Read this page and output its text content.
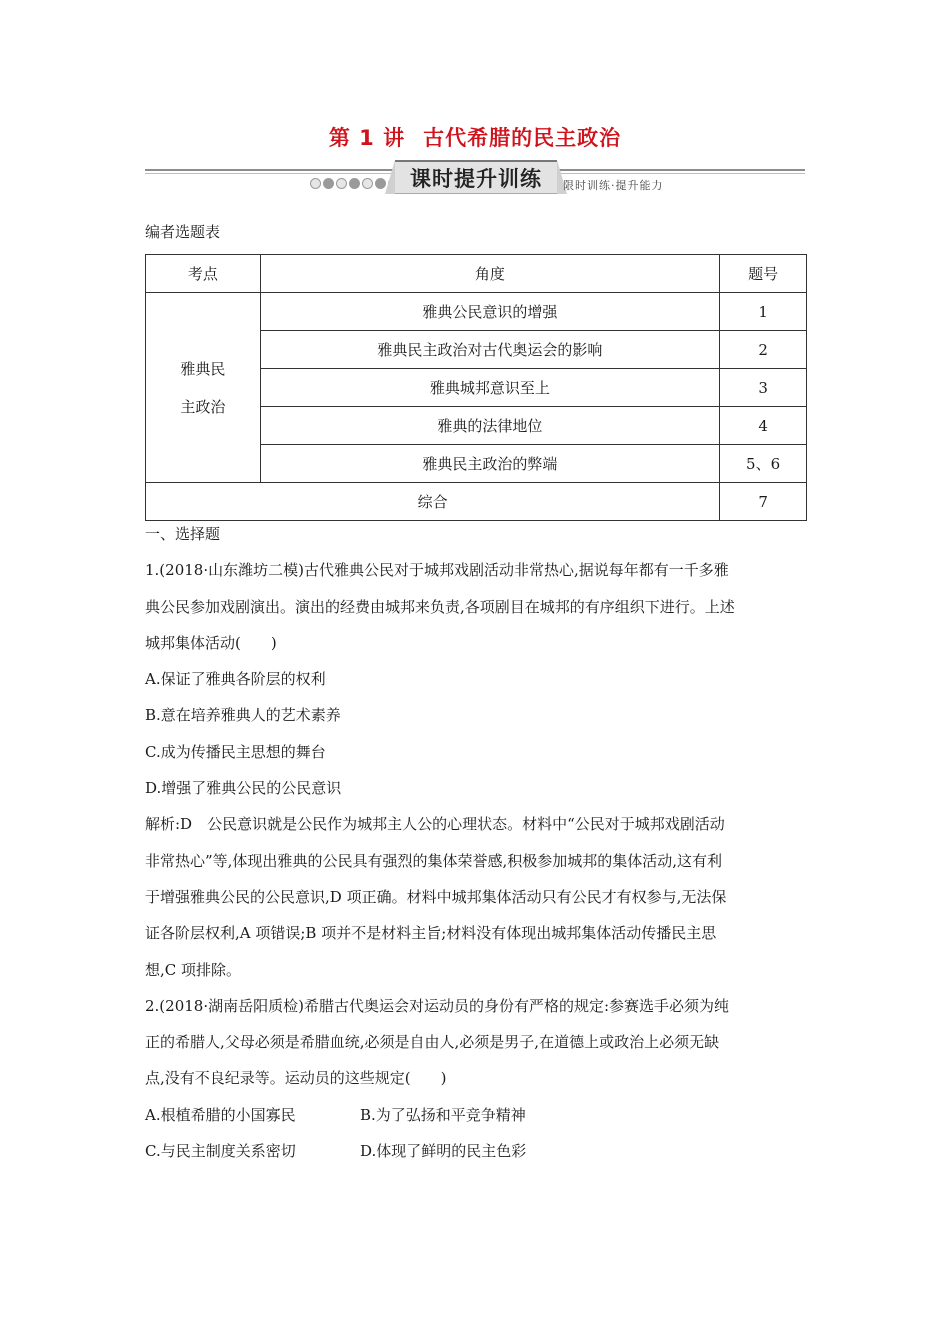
第 1 讲 古代希腊的民主政治
课时提升训练	限时训练·提升能力
编者选题表
考点	角度	题号
雅典民
主政治	雅典公民意识的增强	1
	雅典民主政治对古代奥运会的影响	2
	雅典城邦意识至上	3
	雅典的法律地位	4
	雅典民主政治的弊端	5、6
综合		7

一、选择题

1.(2018·山东潍坊二模)古代雅典公民对于城邦戏剧活动非常热心,据说每年都有一千多雅

典公民参加戏剧演出。演出的经费由城邦来负责,各项剧目在城邦的有序组织下进行。上述

城邦集体活动(　　)

A.保证了雅典各阶层的权利

B.意在培养雅典人的艺术素养

C.成为传播民主思想的舞台

D.增强了雅典公民的公民意识

解析:D　公民意识就是公民作为城邦主人公的心理状态。材料中“公民对于城邦戏剧活动

非常热心”等,体现出雅典的公民具有强烈的集体荣誉感,积极参加城邦的集体活动,这有利

于增强雅典公民的公民意识,D 项正确。材料中城邦集体活动只有公民才有权参与,无法保

证各阶层权利,A 项错误;B 项并不是材料主旨;材料没有体现出城邦集体活动传播民主思

想,C 项排除。

2.(2018·湖南岳阳质检)希腊古代奥运会对运动员的身份有严格的规定:参赛选手必须为纯

正的希腊人,父母必须是希腊血统,必须是自由人,必须是男子,在道德上或政治上必须无缺

点,没有不良纪录等。运动员的这些规定(　　)

A.根植希腊的小国寡民	B.为了弘扬和平竞争精神

C.与民主制度关系密切	D.体现了鲜明的民主色彩
